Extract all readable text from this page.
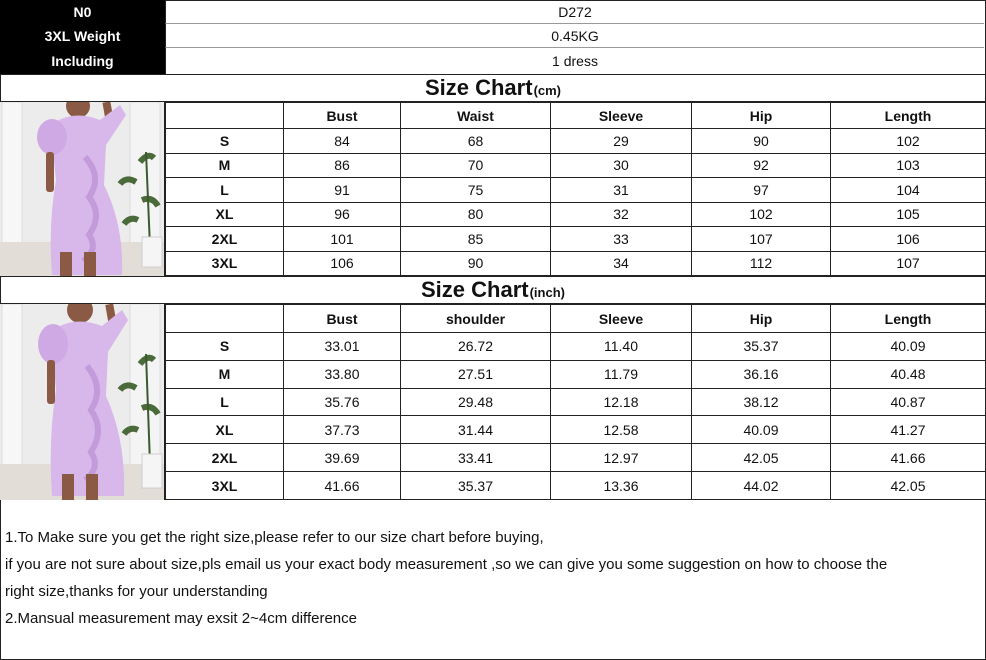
N0	D272
3XL Weight	0.45KG
Including	1 dress
Size Chart (cm)
	Bust	Waist	Sleeve	Hip	Length
S	84	68	29	90	102
M	86	70	30	92	103
L	91	75	31	97	104
XL	96	80	32	102	105
2XL	101	85	33	107	106
3XL	106	90	34	112	107
Size Chart (inch)
	Bust	shoulder	Sleeve	Hip	Length
S	33.01	26.72	11.40	35.37	40.09
M	33.80	27.51	11.79	36.16	40.48
L	35.76	29.48	12.18	38.12	40.87
XL	37.73	31.44	12.58	40.09	41.27
2XL	39.69	33.41	12.97	42.05	41.66
3XL	41.66	35.37	13.36	44.02	42.05
1.To Make sure you get the right size,please refer to our size chart before buying,
if you are not sure about size,pls email us your exact body measurement ,so we can give you some suggestion on how to choose the
right size,thanks for your understanding
2.Mansual measurement may exsit 2~4cm difference
